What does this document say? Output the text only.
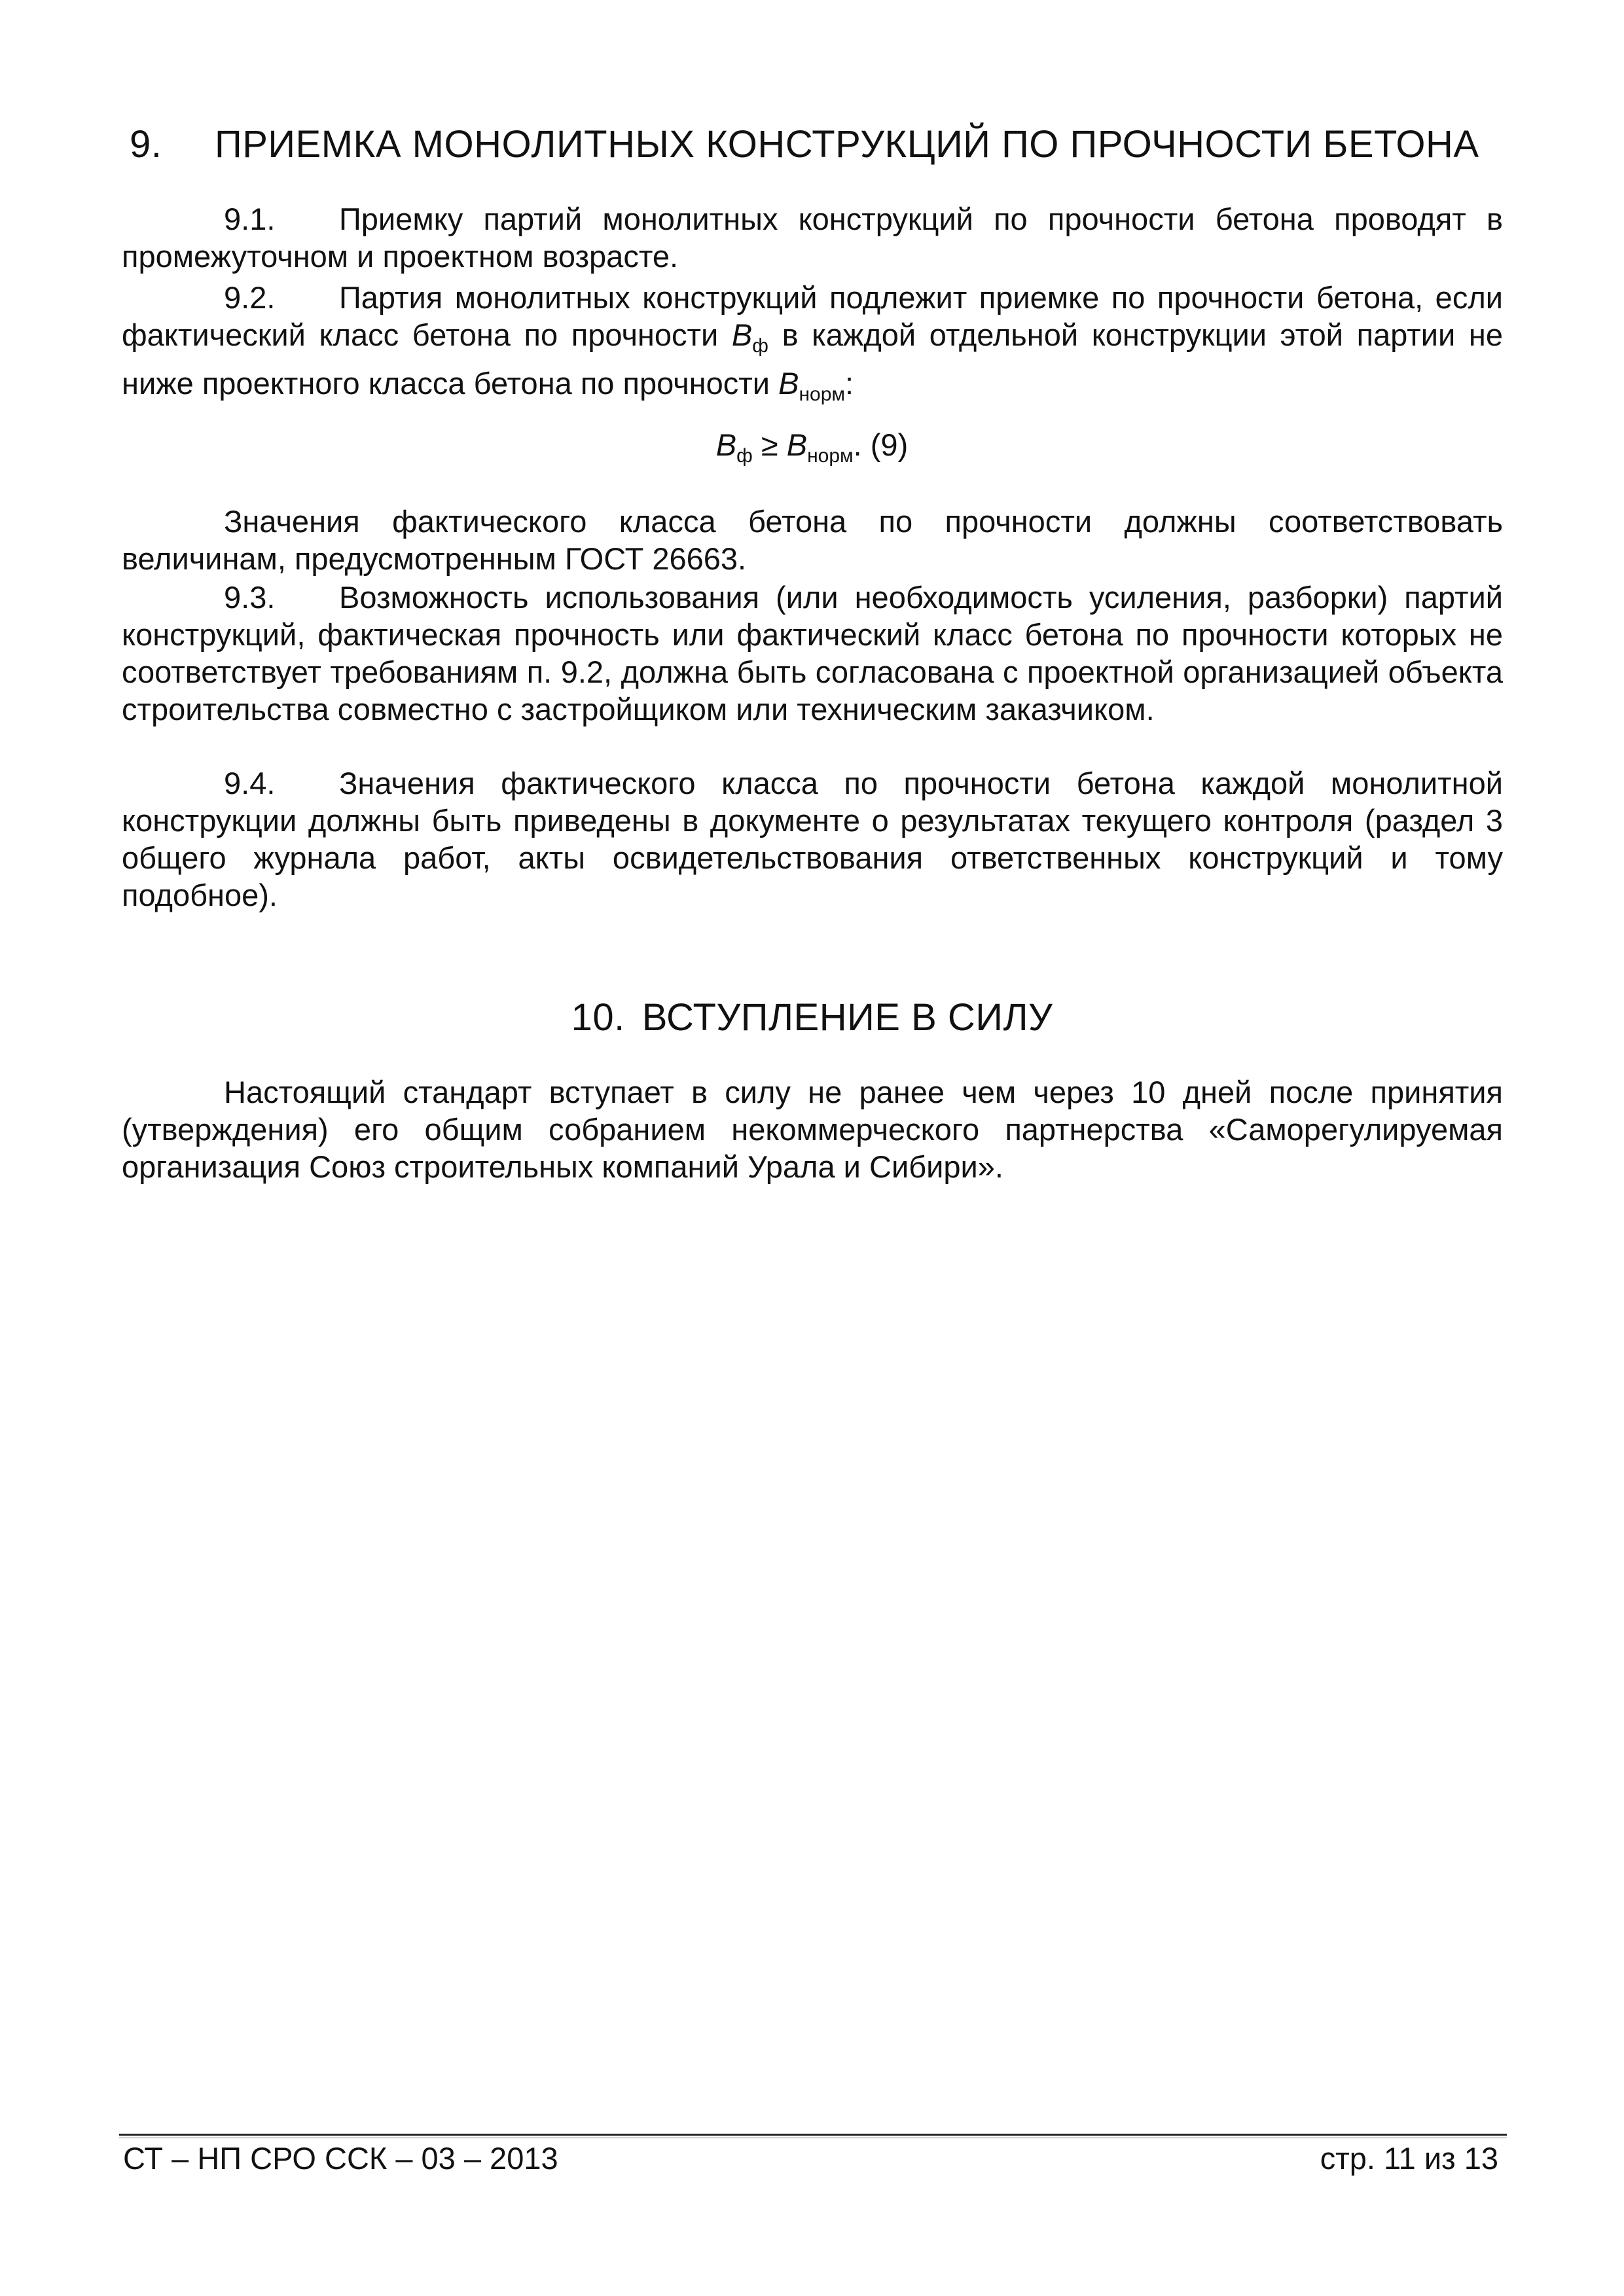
9. ПРИЕМКА МОНОЛИТНЫХ КОНСТРУКЦИЙ ПО ПРОЧНОСТИ БЕТОНА

9.1. Приемку партий монолитных конструкций по прочности бетона проводят в промежуточном и проектном возрасте.

9.2. Партия монолитных конструкций подлежит приемке по прочности бетона, если фактический класс бетона по прочности $B_ф$ в каждой отдельной конструкции этой партии не ниже проектного класса бетона по прочности $B_{норм}$:

$B_ф \ge B_{норм}$. (9)

Значения фактического класса бетона по прочности должны соответствовать величинам, предусмотренным ГОСТ 26663.

9.3. Возможность использования (или необходимость усиления, разборки) партий конструкций, фактическая прочность или фактический класс бетона по прочности которых не соответствует требованиям п. 9.2, должна быть согласована с проектной организацией объекта строительства совместно с застройщиком или техническим заказчиком.

9.4. Значения фактического класса по прочности бетона каждой монолитной конструкции должны быть приведены в документе о результатах текущего контроля (раздел 3 общего журнала работ, акты освидетельствования ответственных конструкций и тому подобное).

10. ВСТУПЛЕНИЕ В СИЛУ

Настоящий стандарт вступает в силу не ранее чем через 10 дней после принятия (утверждения) его общим собранием некоммерческого партнерства «Саморегулируемая организация Союз строительных компаний Урала и Сибири».

СТ – НП СРО ССК – 03 – 2013	стр. 11 из 13
